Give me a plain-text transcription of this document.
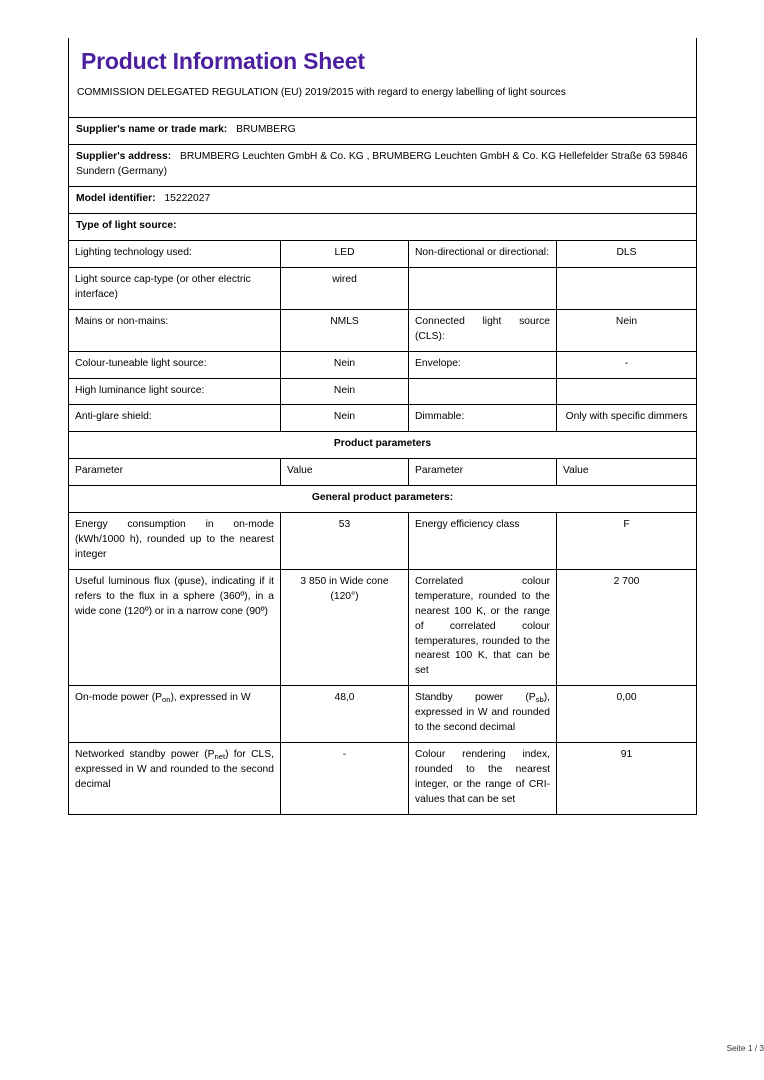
Product Information Sheet
COMMISSION DELEGATED REGULATION (EU) 2019/2015 with regard to energy labelling of light sources			

Supplier's name or trade mark: BRUMBERG			
Supplier's address: BRUMBERG Leuchten GmbH & Co. KG , BRUMBERG Leuchten GmbH & Co. KG Hellefelder Straße 63 59846 Sundern (Germany)			
Model identifier: 15222027			
Type of light source:			
Lighting technology used:	LED	Non-directional or directional:	DLS
Light source cap-type (or other electric interface)	wired		
Mains or non-mains:	NMLS	Connected light source (CLS):	Nein
Colour-tuneable light source:	Nein	Envelope:	-
High luminance light source:	Nein		
Anti-glare shield:	Nein	Dimmable:	Only with specific dimmers
Product parameters			
Parameter	Value	Parameter	Value
General product parameters:			
Energy consumption in on-mode (kWh/1000 h), rounded up to the nearest integer	53	Energy efficiency class	F
Useful luminous flux (φuse), indicating if it refers to the flux in a sphere (360º), in a wide cone (120º) or in a narrow cone (90º)	3 850 in Wide cone (120°)	Correlated colour temperature, rounded to the nearest 100 K, or the range of correlated colour temperatures, rounded to the nearest 100 K, that can be set	2 700
On-mode power (Pon), expressed in W	48,0	Standby power (Psb), expressed in W and rounded to the second decimal	0,00
Networked standby power (Pnet) for CLS, expressed in W and rounded to the second decimal	-	Colour rendering index, rounded to the nearest integer, or the range of CRI-values that can be set	91
Seite 1 / 3
